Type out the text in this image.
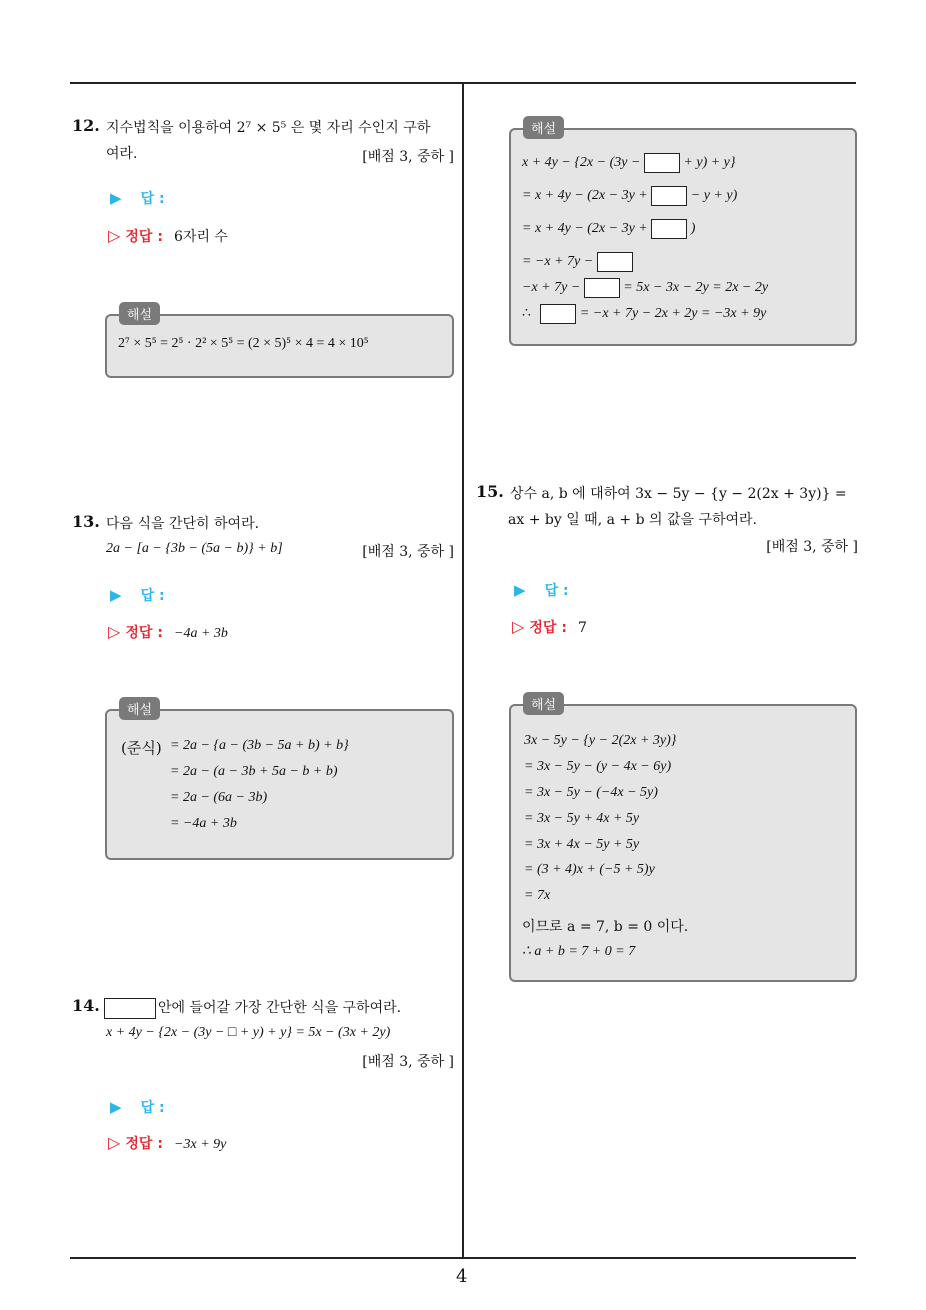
4
12. 지수법칙을 이용하여 2⁷ × 5⁵ 은 몇 자리 수인지 구하
여라.	[배점 3, 중하 ]
▶ 답 :
▷ 정답 : 6자리 수
해설
2⁷ × 5⁵ = 2⁵ · 2² × 5⁵ = (2 × 5)⁵ × 4 = 4 × 10⁵
13. 다음 식을 간단히 하여라.
2a − [a − {3b − (5a − b)} + b]	[배점 3, 중하 ]
▶ 답 :
▷ 정답 : −4a + 3b
해설
(준식) = 2a − {a − (3b − 5a + b) + b}
= 2a − (a − 3b + 5a − b + b)
= 2a − (6a − 3b)
= −4a + 3b
14.	안에 들어갈 가장 간단한 식을 구하여라.
x + 4y − {2x − (3y − □ + y) + y} = 5x − (3x + 2y)
[배점 3, 중하 ]
▶ 답 :
▷ 정답 : −3x + 9y
해설
x + 4y − {2x − (3y −	+ y) + y}
= x + 4y − (2x − 3y +	− y + y)
= x + 4y − (2x − 3y +	)
= −x + 7y −
−x + 7y −	= 5x − 3x − 2y = 2x − 2y
∴	= −x + 7y − 2x + 2y = −3x + 9y
15. 상수 a, b 에 대하여 3x − 5y − {y − 2(2x + 3y)} =
ax + by 일 때, a + b 의 값을 구하여라.
[배점 3, 중하 ]
▶ 답 :
▷ 정답 : 7
해설
3x − 5y − {y − 2(2x + 3y)}
= 3x − 5y − (y − 4x − 6y)
= 3x − 5y − (−4x − 5y)
= 3x − 5y + 4x + 5y
= 3x + 4x − 5y + 5y
= (3 + 4)x + (−5 + 5)y
= 7x
이므로 a = 7, b = 0 이다.
∴ a + b = 7 + 0 = 7
